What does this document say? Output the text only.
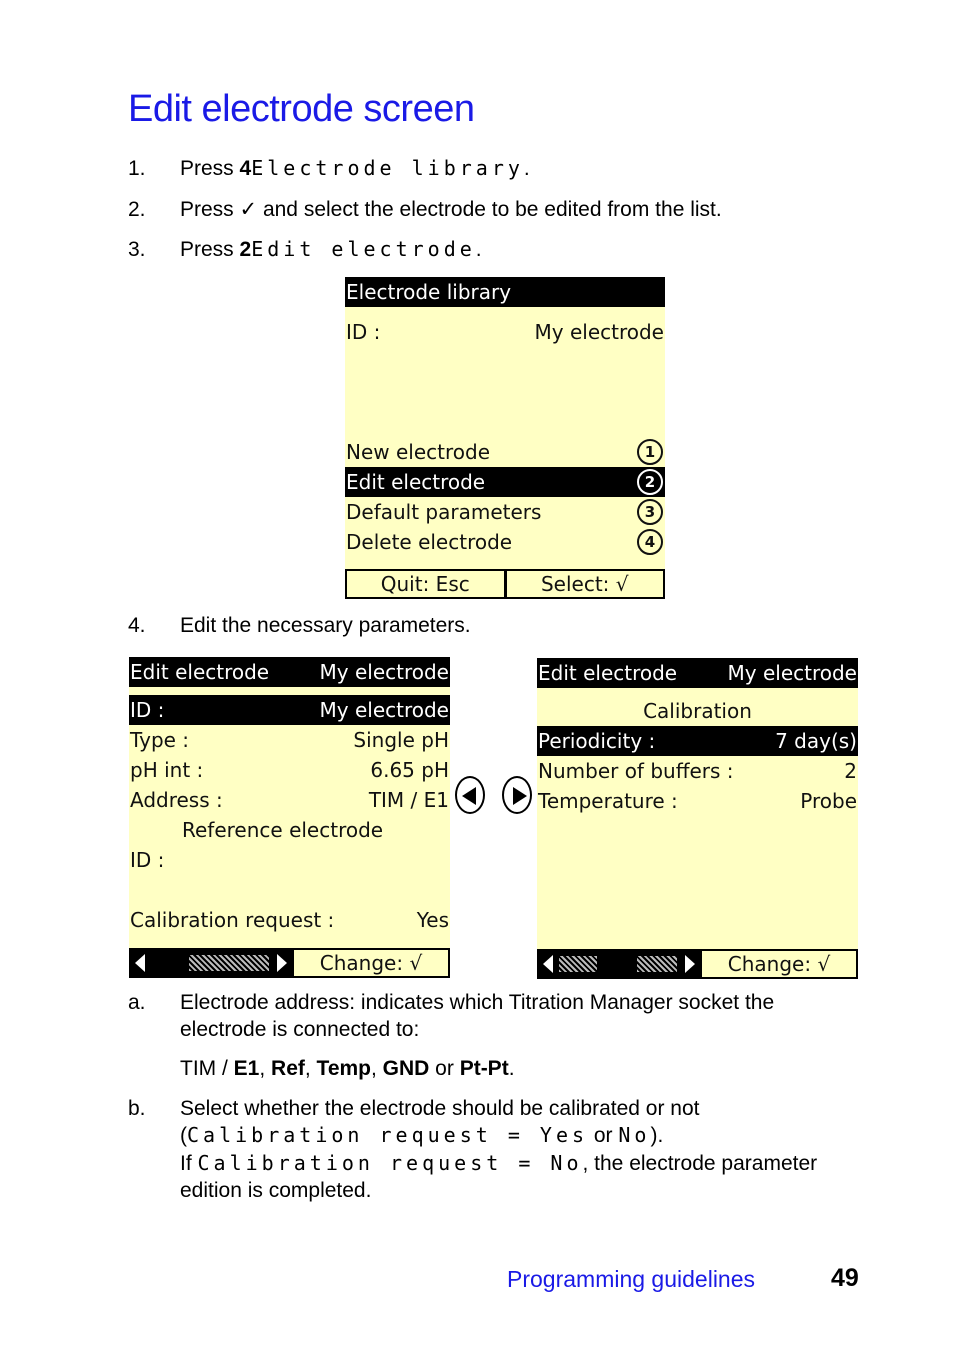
Edit electrode screen
1. Press 4Electrode library.
2. Press ✓ and select the electrode to be edited from the list.
3. Press 2Edit electrode.
Electrode library
ID :	My electrode
New electrode	1
Edit electrode	2
Default parameters	3
Delete electrode	4
Quit: Esc	Select: √
4. Edit the necessary parameters.
Edit electrode	My electrode
ID :	My electrode
Type :	Single pH
pH int :	6.65 pH
Address :	TIM / E1
Reference electrode
ID :
Calibration request :	Yes
Change: √
Edit electrode	My electrode
Calibration
Periodicity :	7 day(s)
Number of buffers :	2
Temperature :	Probe
Change: √
a. Electrode address: indicates which Titration Manager socket the
electrode is connected to:
TIM / E1, Ref, Temp, GND or Pt-Pt.
b. Select whether the electrode should be calibrated or not
(Calibration request = Yes or No).
If Calibration request = No, the electrode parameter
edition is completed.
Programming guidelines	49
